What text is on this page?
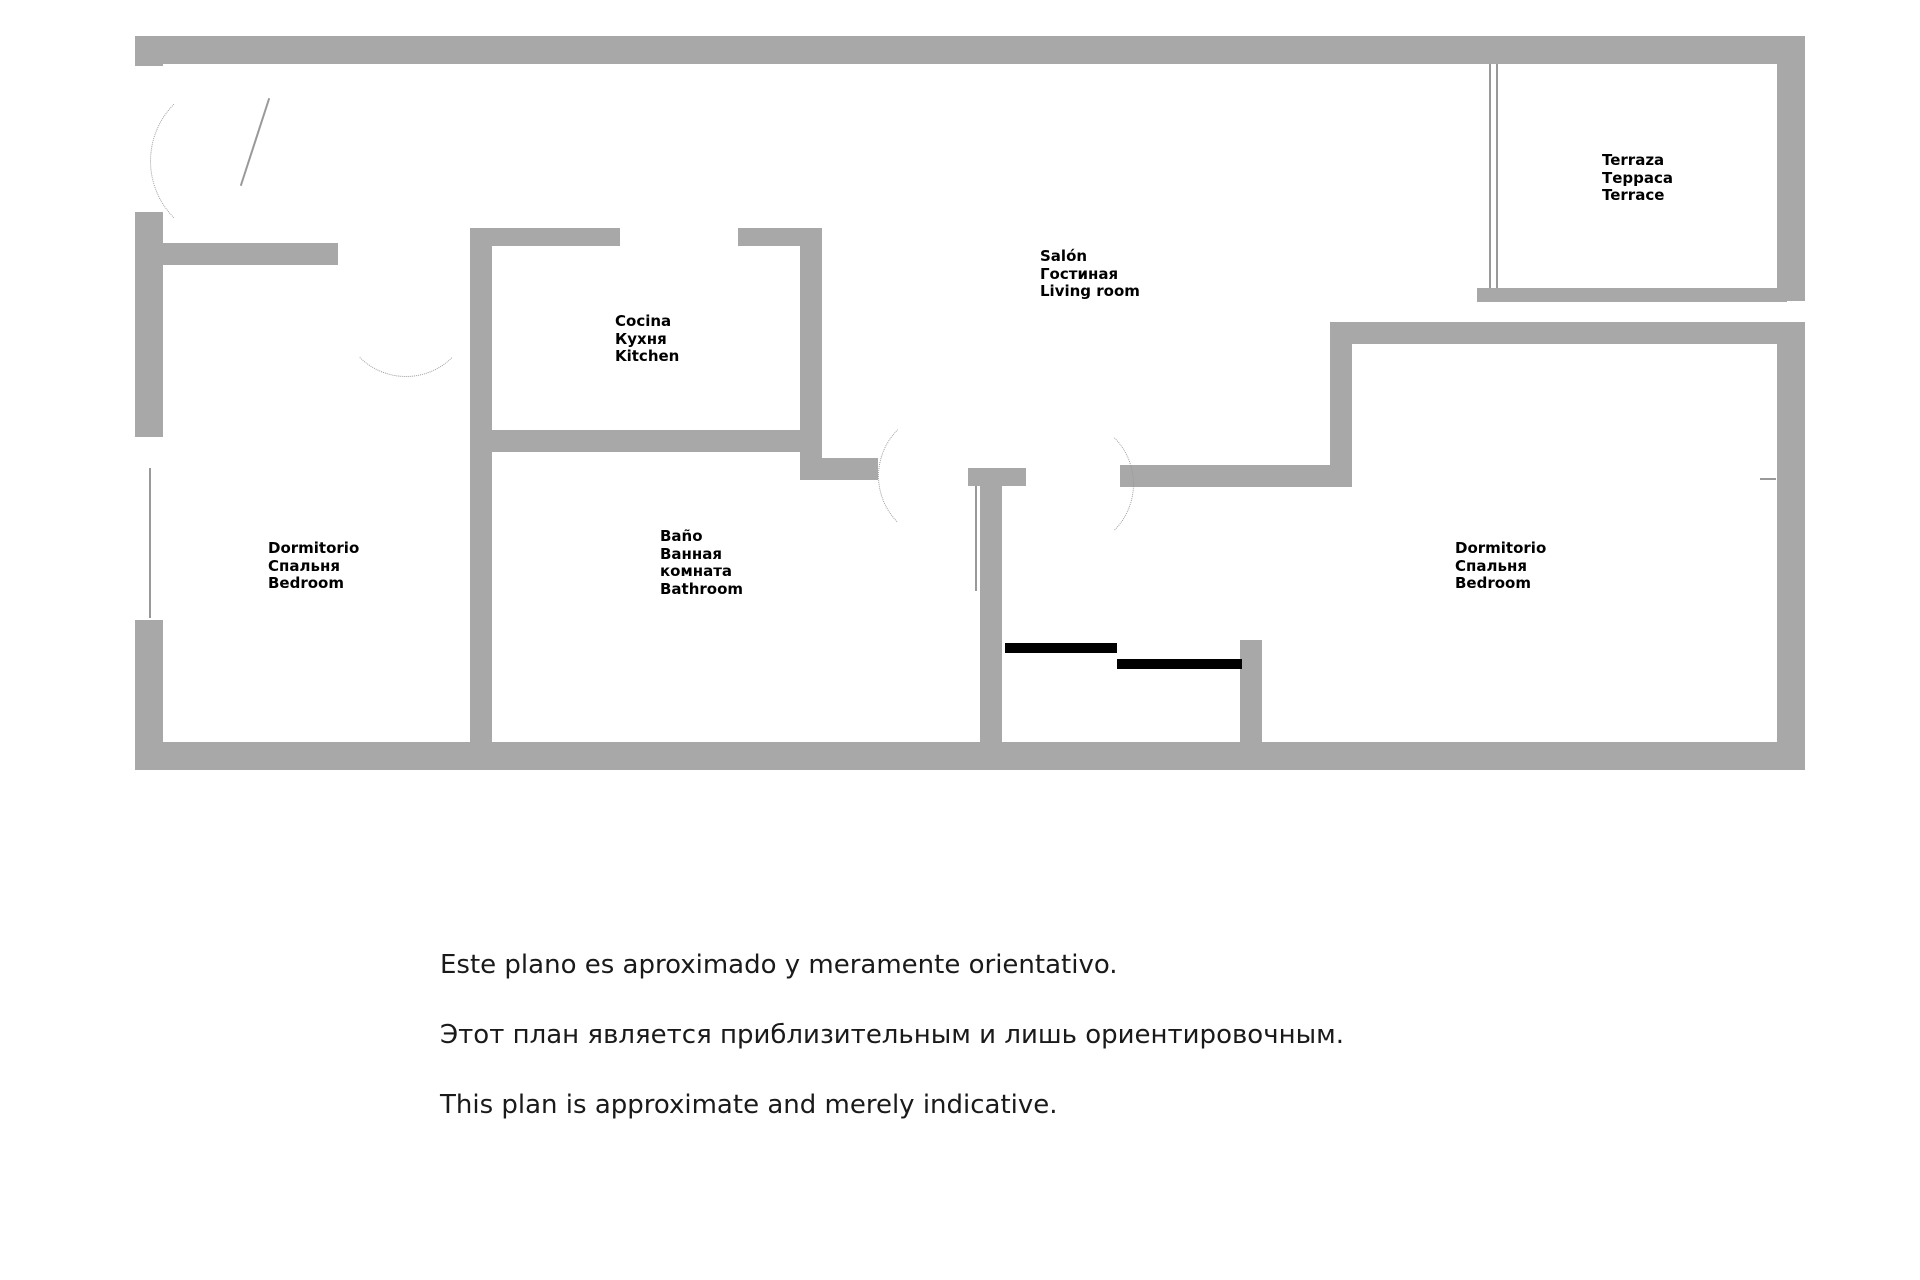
Dormitorio
Спальня
Bedroom
Cocina
Кухня
Kitchen
Baño
Ванная
комната
Bathroom
Salón
Гостиная
Living room
Terraza
Терраса
Terrace
Dormitorio
Спальня
Bedroom
Este plano es aproximado y meramente orientativo.
Этот план является приблизительным и лишь ориентировочным.
This plan is approximate and merely indicative.
